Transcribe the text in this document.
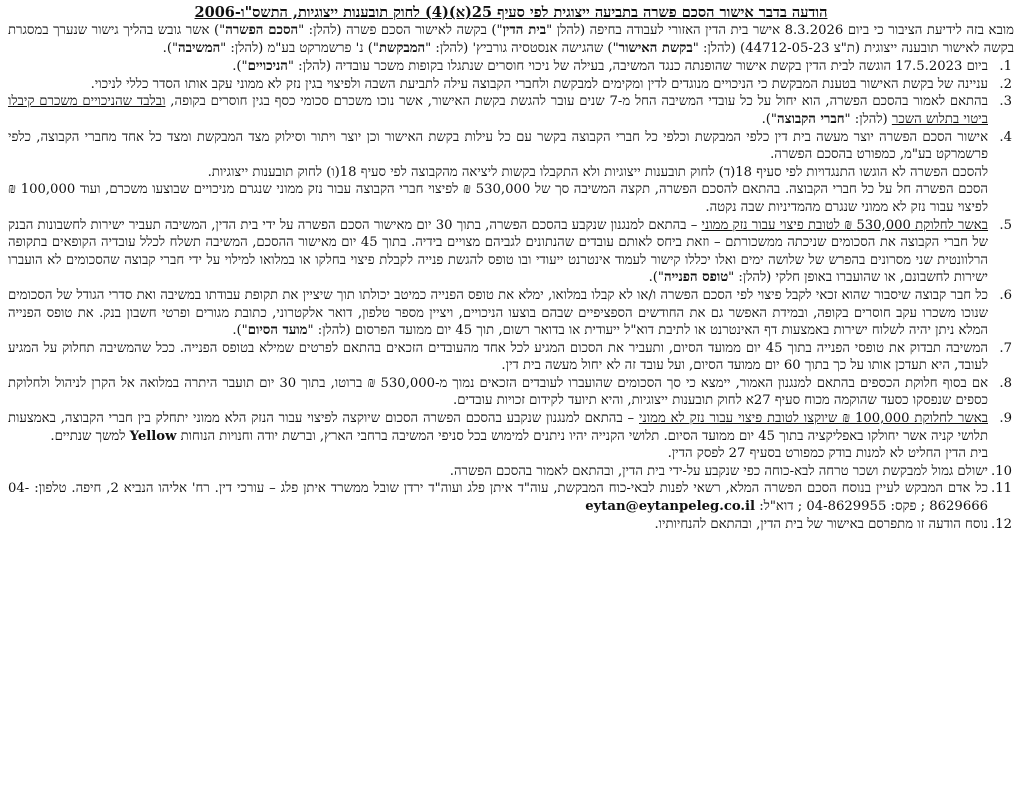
הודעה בדבר אישור הסכם פשרה בתביעה ייצוגית לפי סעיף 25(א)(4) לחוק תובענות ייצוגיות, התשס"ו-2006

מובא בזה לידיעת הציבור כי ביום 8.3.2026 אישר בית הדין האזורי לעבודה בחיפה (להלן "בית הדין") בקשה לאישור הסכם פשרה (להלן: "הסכם הפשרה") אשר גובש בהליך גישור שנערך במסגרת בקשה לאישור תובענה ייצוגית (ת"צ 44712-05-23) (להלן: "בקשת האישור") שהגישה אנסטסיה גורביץ' (להלן: "המבקשת") נ' פרשמרקט בע"מ (להלן: "המשיבה").

1.
ביום 17.5.2023 הוגשה לבית הדין בקשת אישור שהופנתה כנגד המשיבה, בעילה של ניכוי חוסרים שנתגלו בקופות משכר עובדיה (להלן: "הניכויים").
2.
עניינה של בקשת האישור בטענת המבקשת כי הניכויים מנוגדים לדין ומקימים למבקשת ולחברי הקבוצה עילה לתביעת השבה ולפיצוי בגין נזק לא ממוני עקב אותו הסדר כללי לניכוי.
3.
בהתאם לאמור בהסכם הפשרה, הוא יחול על כל עובדי המשיבה החל מ-7 שנים עובר להגשת בקשת האישור, אשר נוכו משכרם סכומי כסף בגין חוסרים בקופה, ובלבד שהניכויים משכרם קיבלו ביטוי בתלוש השכר (להלן: "חברי הקבוצה").
4.

אישור הסכם הפשרה יוצר מעשה בית דין כלפי המבקשת וכלפי כל חברי הקבוצה בקשר עם כל עילות בקשת האישור וכן יוצר ויתור וסילוק מצד המבקשת ומצד כל אחד מחברי הקבוצה, כלפי פרשמרקט בע"מ, כמפורט בהסכם הפשרה.

להסכם הפשרה לא הוגשו התנגדויות לפי סעיף 18(ד) לחוק תובענות ייצוגיות ולא התקבלו בקשות ליציאה מהקבוצה לפי סעיף 18(ו) לחוק תובענות ייצוגיות.

הסכם הפשרה חל על כל חברי הקבוצה. בהתאם להסכם הפשרה, תקצה המשיבה סך של 530,000 ₪ לפיצוי חברי הקבוצה עבור נזק ממוני שנגרם מניכויים שבוצעו משכרם, ועוד 100,000 ₪ לפיצוי עבור נזק לא ממוני שנגרם מהמדיניות שבה נקטה.

5.
באשר לחלוקת 530,000 ₪ לטובת פיצוי עבור נזק ממוני – בהתאם למנגנון שנקבע בהסכם הפשרה, בתוך 30 יום מאישור הסכם הפשרה על ידי בית הדין, המשיבה תעביר ישירות לחשבונות הבנק של חברי הקבוצה את הסכומים שניכתה ממשכורתם – וזאת ביחס לאותם עובדים שהנתונים לגביהם מצויים בידיה. בתוך 45 יום מאישור ההסכם, המשיבה תשלח לכלל עובדיה הקופאים בתקופה הרלוונטית שני מסרונים בהפרש של שלושה ימים ואלו יכללו קישור לעמוד אינטרנט ייעודי ובו טופס להגשת פנייה לקבלת פיצוי בחלקו או במלואו למילוי על ידי חברי קבוצה שהסכומים לא הועברו ישירות לחשבונם, או שהועברו באופן חלקי (להלן: "טופס הפנייה").
6.
כל חבר קבוצה שיסבור שהוא זכאי לקבל פיצוי לפי הסכם הפשרה ו/או לא קבלו במלואו, ימלא את טופס הפנייה כמיטב יכולתו תוך שיציין את תקופת עבודתו במשיבה ואת סדרי הגודל של הסכומים שנוכו משכרו עקב חוסרים בקופה, ובמידת האפשר גם את החודשים הספציפיים שבהם בוצעו הניכויים, ויציין מספר טלפון, דואר אלקטרוני, כתובת מגורים ופרטי חשבון בנק. את טופס הפנייה המלא ניתן יהיה לשלוח ישירות באמצעות דף האינטרנט או לתיבת דוא"ל ייעודית או בדואר רשום, תוך 45 יום ממועד הפרסום (להלן: "מועד הסיום").
7.
המשיבה תבדוק את טופסי הפנייה בתוך 45 יום ממועד הסיום, ותעביר את הסכום המגיע לכל אחד מהעובדים הזכאים בהתאם לפרטים שמילא בטופס הפנייה. ככל שהמשיבה תחלוק על המגיע לעובד, היא תעדכן אותו על כך בתוך 60 יום ממועד הסיום, ועל עובד זה לא יחול מעשה בית דין.
8.
אם בסוף חלוקת הכספים בהתאם למנגנון האמור, יימצא כי סך הסכומים שהועברו לעובדים הזכאים נמוך מ-530,000 ₪ ברוטו, בתוך 30 יום תועבר היתרה במלואה אל הקרן לניהול ולחלוקת כספים שנפסקו כסעד שהוקמה מכוח סעיף 27א לחוק תובענות ייצוגיות, והיא תיועד לקידום זכויות עובדים.
9.
באשר לחלוקת 100,000 ₪ שיוקצו לטובת פיצוי עבור נזק לא ממוני – בהתאם למנגנון שנקבע בהסכם הפשרה הסכום שיוקצה לפיצוי עבור הנזק הלא ממוני יתחלק בין חברי הקבוצה, באמצעות תלושי קניה אשר יחולקו באפליקציה בתוך 45 יום ממועד הסיום. תלושי הקנייה יהיו ניתנים למימוש בכל סניפי המשיבה ברחבי הארץ, וברשת יודה וחנויות הנוחות Yellow למשך שנתיים.

בית הדין החליט לא למנות בודק כמפורט בסעיף 27 לפסק הדין.

10.
ישולם גמול למבקשת ושכר טרחה לבא-כוחה כפי שנקבע על-ידי בית הדין, ובהתאם לאמור בהסכם הפשרה.
11.
כל אדם המבקש לעיין בנוסח הסכם הפשרה המלא, רשאי לפנות לבאי-כוח המבקשת, עוה"ד איתן פלג ועוה"ד ירדן שובל ממשרד איתן פלג – עורכי דין. רח' אליהו הנביא 2, חיפה. טלפון: 04-8629666 ; פקס: 04-8629955 ; דוא"ל: eytan@eytanpeleg.co.il
12.
נוסח הודעה זו מתפרסם באישור של בית הדין, ובהתאם להנחיותיו.
